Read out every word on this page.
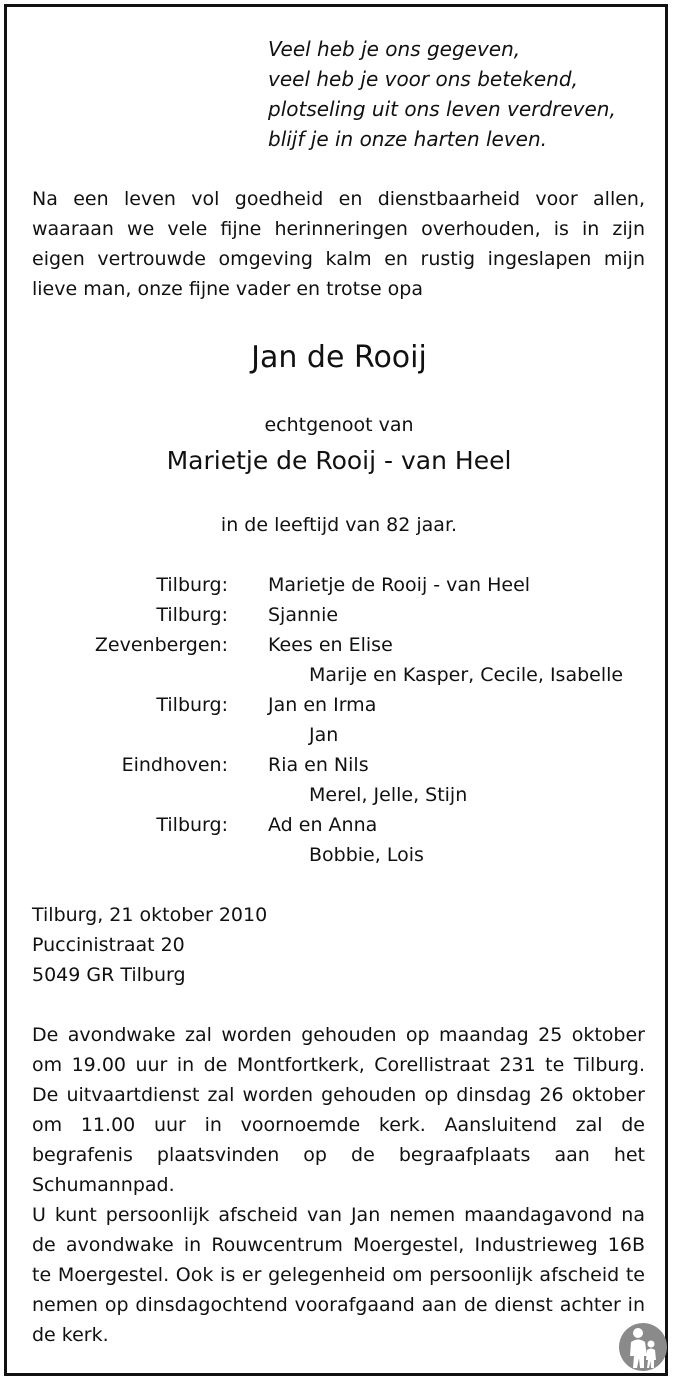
Veel heb je ons gegeven,
veel heb je voor ons betekend,
plotseling uit ons leven verdreven,
blijf je in onze harten leven.
Na een leven vol goedheid en dienstbaarheid voor allen, waaraan we vele fijne herinneringen overhouden, is in zijn eigen vertrouwde omgeving kalm en rustig ingeslapen mijn lieve man, onze fijne vader en trotse opa
Jan de Rooij
echtgenoot van
Marietje de Rooij - van Heel
in de leeftijd van 82 jaar.
Tilburg: Marietje de Rooij - van Heel
Tilburg: Sjannie
Zevenbergen: Kees en Elise
Marije en Kasper, Cecile, Isabelle
Tilburg: Jan en Irma
Jan
Eindhoven: Ria en Nils
Merel, Jelle, Stijn
Tilburg: Ad en Anna
Bobbie, Lois
Tilburg, 21 oktober 2010
Puccinistraat 20
5049 GR Tilburg

De avondwake zal worden gehouden op maandag 25 oktober om 19.00 uur in de Montfortkerk, Corellistraat 231 te Tilburg. De uitvaartdienst zal worden gehouden op dinsdag 26 oktober om 11.00 uur in voornoemde kerk. Aansluitend zal de begrafenis plaatsvinden op de begraafplaats aan het Schumannpad.

U kunt persoonlijk afscheid van Jan nemen maandagavond na de avondwake in Rouwcentrum Moergestel, Industrieweg 16B te Moergestel. Ook is er gelegenheid om persoonlijk afscheid te nemen op dinsdagochtend voorafgaand aan de dienst achter in de kerk.
